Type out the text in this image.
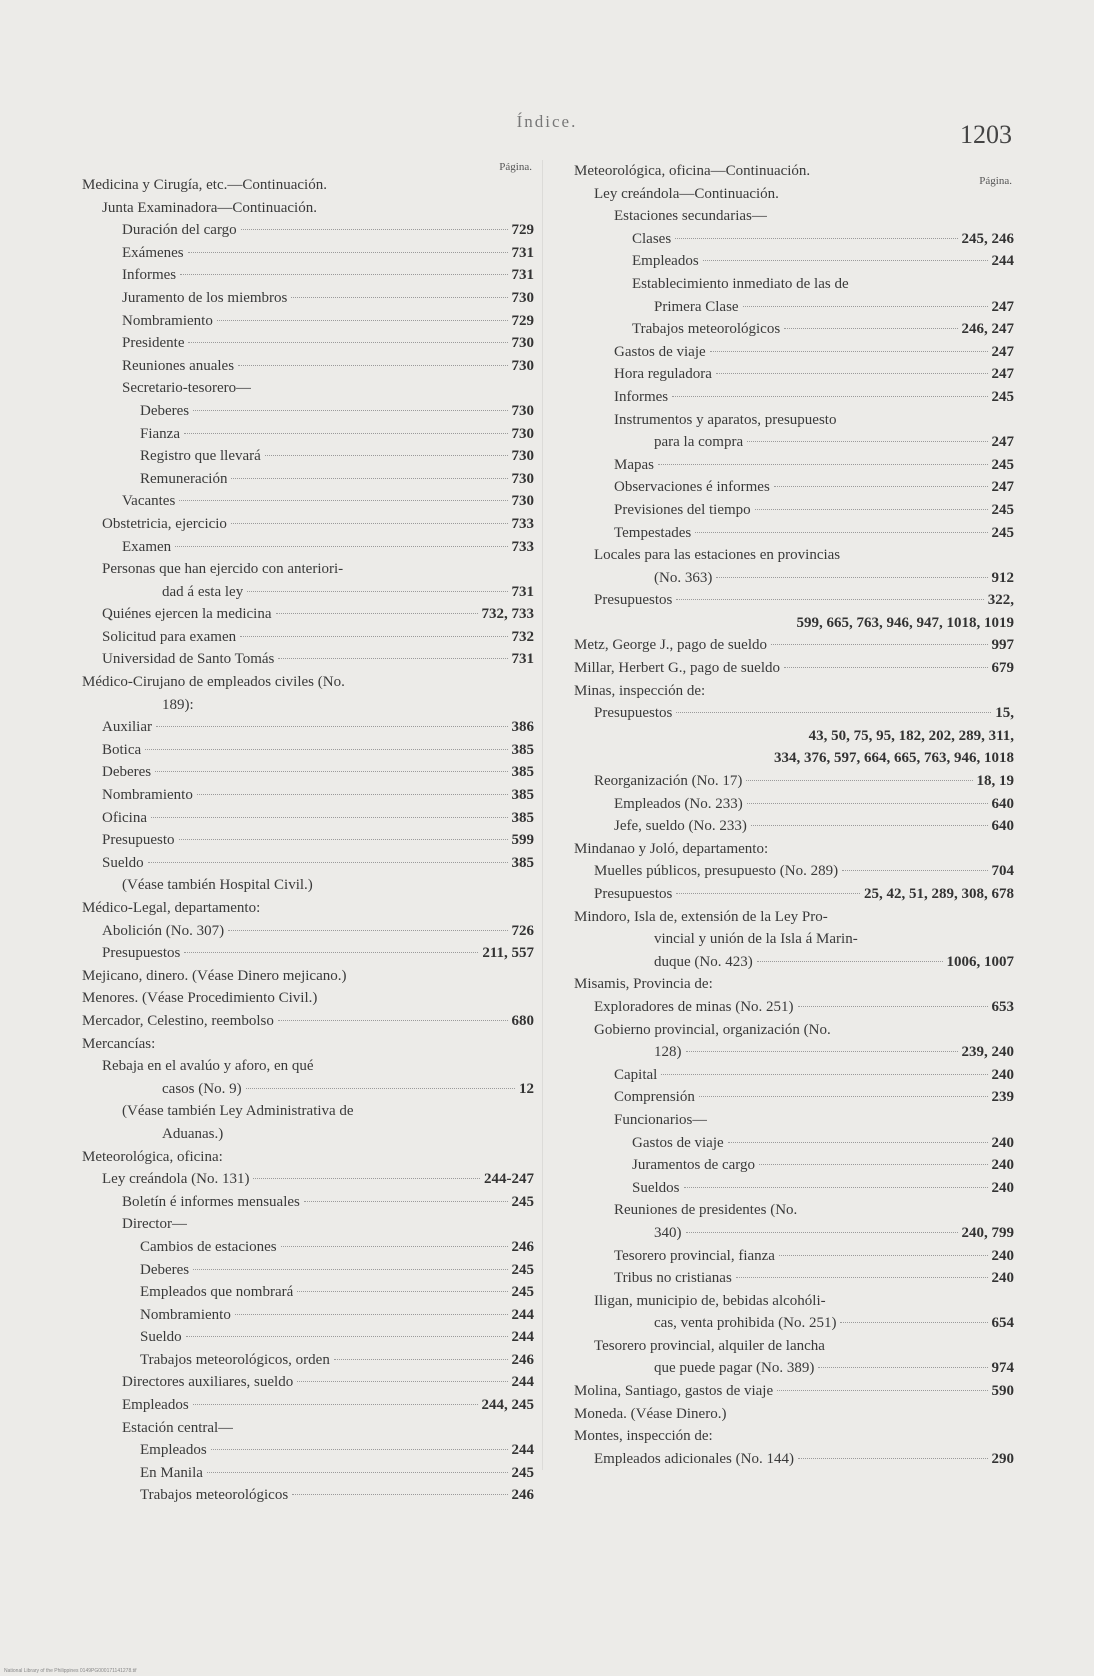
Índice.	1203
Página.
Medicina y Cirugía, etc.—Continuación.
Junta Examinadora—Continuación.
Duración del cargo	729
Exámenes	731
Informes	731
Juramento de los miembros	730
Nombramiento	729
Presidente	730
Reuniones anuales	730
Secretario-tesorero—
Deberes	730
Fianza	730
Registro que llevará	730
Remuneración	730
Vacantes	730
Obstetricia, ejercicio	733
Examen	733
Personas que han ejercido con anteriori-
dad á esta ley	731
Quiénes ejercen la medicina	732, 733
Solicitud para examen	732
Universidad de Santo Tomás	731
Médico-Cirujano de empleados civiles (No.
189):
Auxiliar	386
Botica	385
Deberes	385
Nombramiento	385
Oficina	385
Presupuesto	599
Sueldo	385
(Véase también Hospital Civil.)
Médico-Legal, departamento:
Abolición (No. 307)	726
Presupuestos	211, 557
Mejicano, dinero. (Véase Dinero mejicano.)
Menores. (Véase Procedimiento Civil.)
Mercador, Celestino, reembolso	680
Mercancías:
Rebaja en el avalúo y aforo, en qué
casos (No. 9)	12
(Véase también Ley Administrativa de
Aduanas.)
Meteorológica, oficina:
Ley creándola (No. 131)	244-247
Boletín é informes mensuales	245
Director—
Cambios de estaciones	246
Deberes	245
Empleados que nombrará	245
Nombramiento	244
Sueldo	244
Trabajos meteorológicos, orden	246
Directores auxiliares, sueldo	244
Empleados	244, 245
Estación central—
Empleados	244
En Manila	245
Trabajos meteorológicos	246
Página.
Meteorológica, oficina—Continuación.
Ley creándola—Continuación.
Estaciones secundarias—
Clases	245, 246
Empleados	244
Establecimiento inmediato de las de
Primera Clase	247
Trabajos meteorológicos	246, 247
Gastos de viaje	247
Hora reguladora	247
Informes	245
Instrumentos y aparatos, presupuesto
para la compra	247
Mapas	245
Observaciones é informes	247
Previsiones del tiempo	245
Tempestades	245
Locales para las estaciones en provincias
(No. 363)	912
Presupuestos	322,
599, 665, 763, 946, 947, 1018, 1019
Metz, George J., pago de sueldo	997
Millar, Herbert G., pago de sueldo	679
Minas, inspección de:
Presupuestos	15,
43, 50, 75, 95, 182, 202, 289, 311,
334, 376, 597, 664, 665, 763, 946, 1018
Reorganización (No. 17)	18, 19
Empleados (No. 233)	640
Jefe, sueldo (No. 233)	640
Mindanao y Joló, departamento:
Muelles públicos, presupuesto (No. 289)	704
Presupuestos	25, 42, 51, 289, 308, 678
Mindoro, Isla de, extensión de la Ley Pro-
vincial y unión de la Isla á Marin-
duque (No. 423)	1006, 1007
Misamis, Provincia de:
Exploradores de minas (No. 251)	653
Gobierno provincial, organización (No.
128)	239, 240
Capital	240
Comprensión	239
Funcionarios—
Gastos de viaje	240
Juramentos de cargo	240
Sueldos	240
Reuniones de presidentes (No.
340)	240, 799
Tesorero provincial, fianza	240
Tribus no cristianas	240
Iligan, municipio de, bebidas alcohóli-
cas, venta prohibida (No. 251)	654
Tesorero provincial, alquiler de lancha
que puede pagar (No. 389)	974
Molina, Santiago, gastos de viaje	590
Moneda. (Véase Dinero.)
Montes, inspección de:
Empleados adicionales (No. 144)	290
National Library of the Philippines 0149PG000171141278.tif
